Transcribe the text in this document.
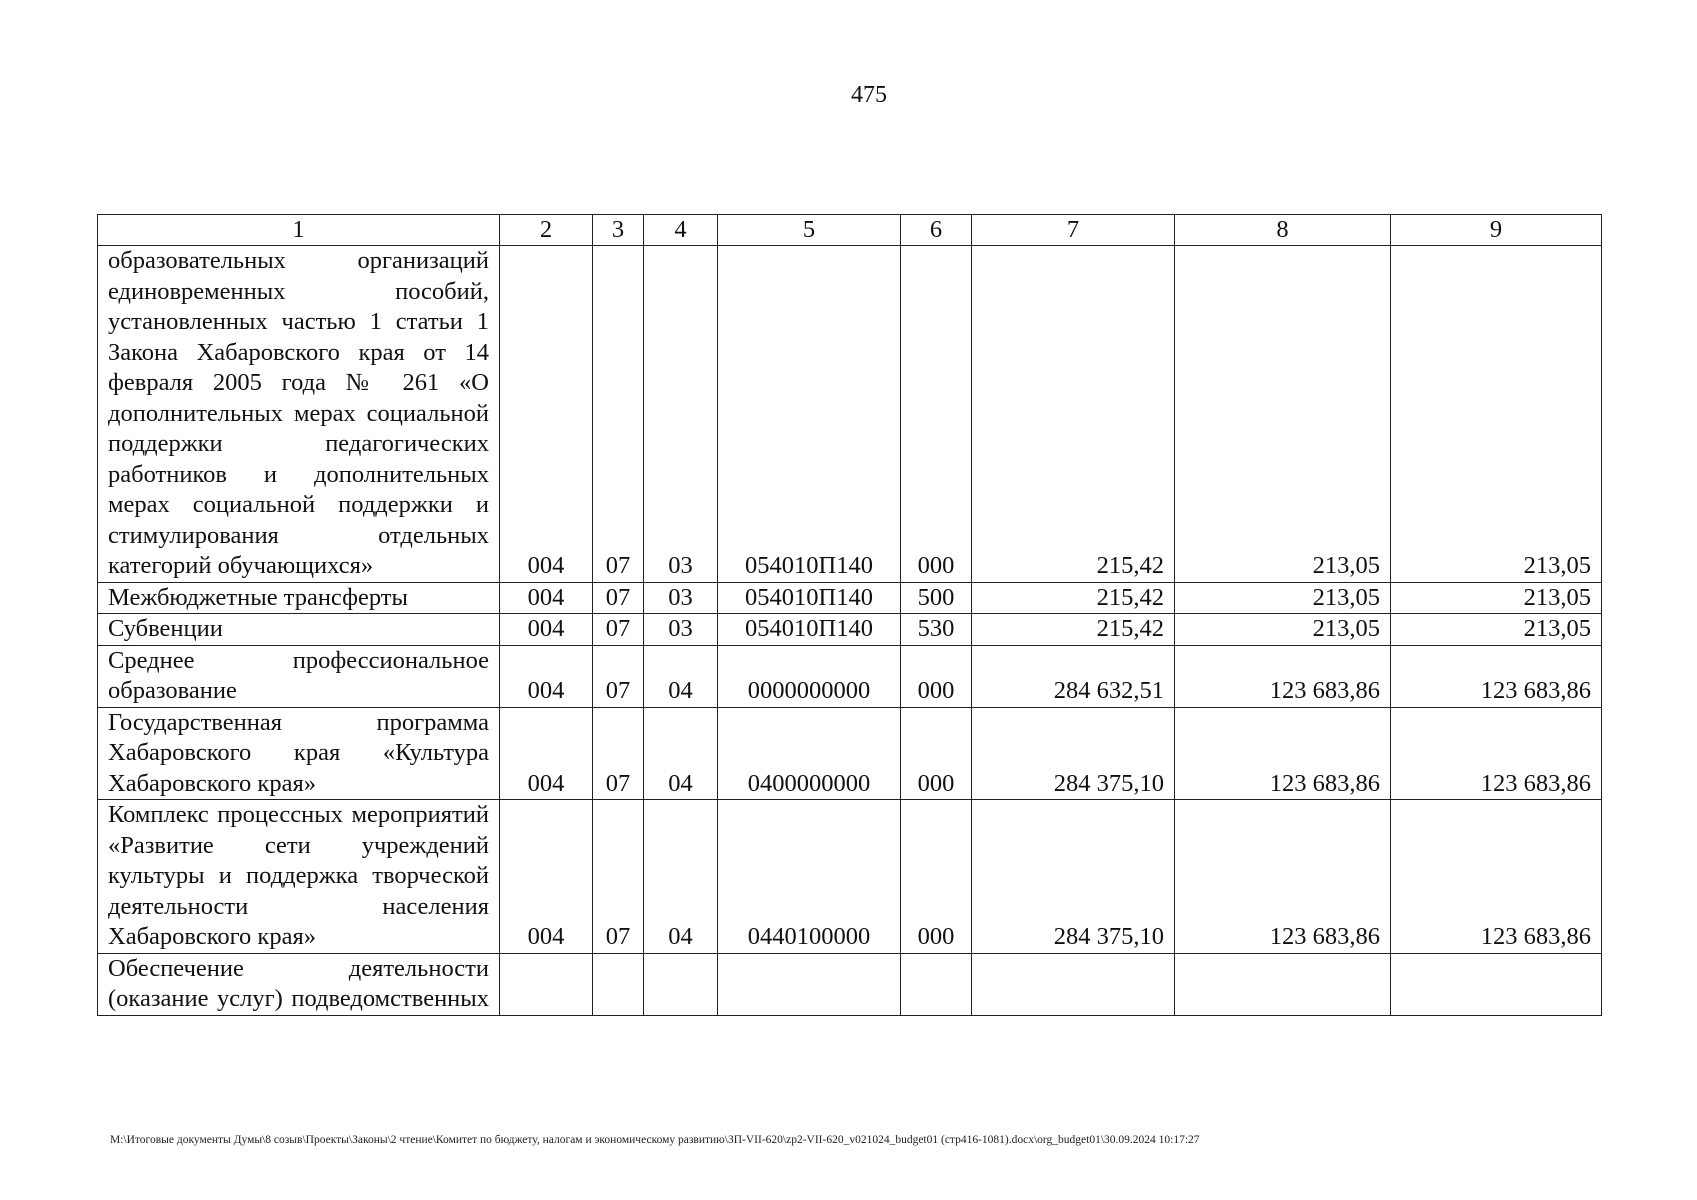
475
1	2	3	4	5	6	7	8	9
образовательных организаций единовременных пособий, установленных частью 1 статьи 1 Закона Хабаровского края от 14 февраля 2005 года № 261 «О дополнительных мерах социальной поддержки педагогических работников и дополнительных мерах социальной поддержки и стимулирования отдельных категорий обучающихся»	004	07	03	054010П140	000	215,42	213,05	213,05
Межбюджетные трансферты	004	07	03	054010П140	500	215,42	213,05	213,05
Субвенции	004	07	03	054010П140	530	215,42	213,05	213,05
Среднее профессиональное образование	004	07	04	0000000000	000	284 632,51	123 683,86	123 683,86
Государственная программа Хабаровского края «Культура Хабаровского края»	004	07	04	0400000000	000	284 375,10	123 683,86	123 683,86
Комплекс процессных мероприятий «Развитие сети учреждений культуры и поддержка творческой деятельности населения Хабаровского края»	004	07	04	0440100000	000	284 375,10	123 683,86	123 683,86
Обеспечение деятельности (оказание услуг) подведомственных								
M:\Итоговые документы Думы\8 созыв\Проекты\Законы\2 чтение\Комитет по бюджету, налогам и экономическому развитию\ЗП-VII-620\zp2-VII-620_v021024_budget01 (стр416-1081).docx\org_budget01\30.09.2024 10:17:27
